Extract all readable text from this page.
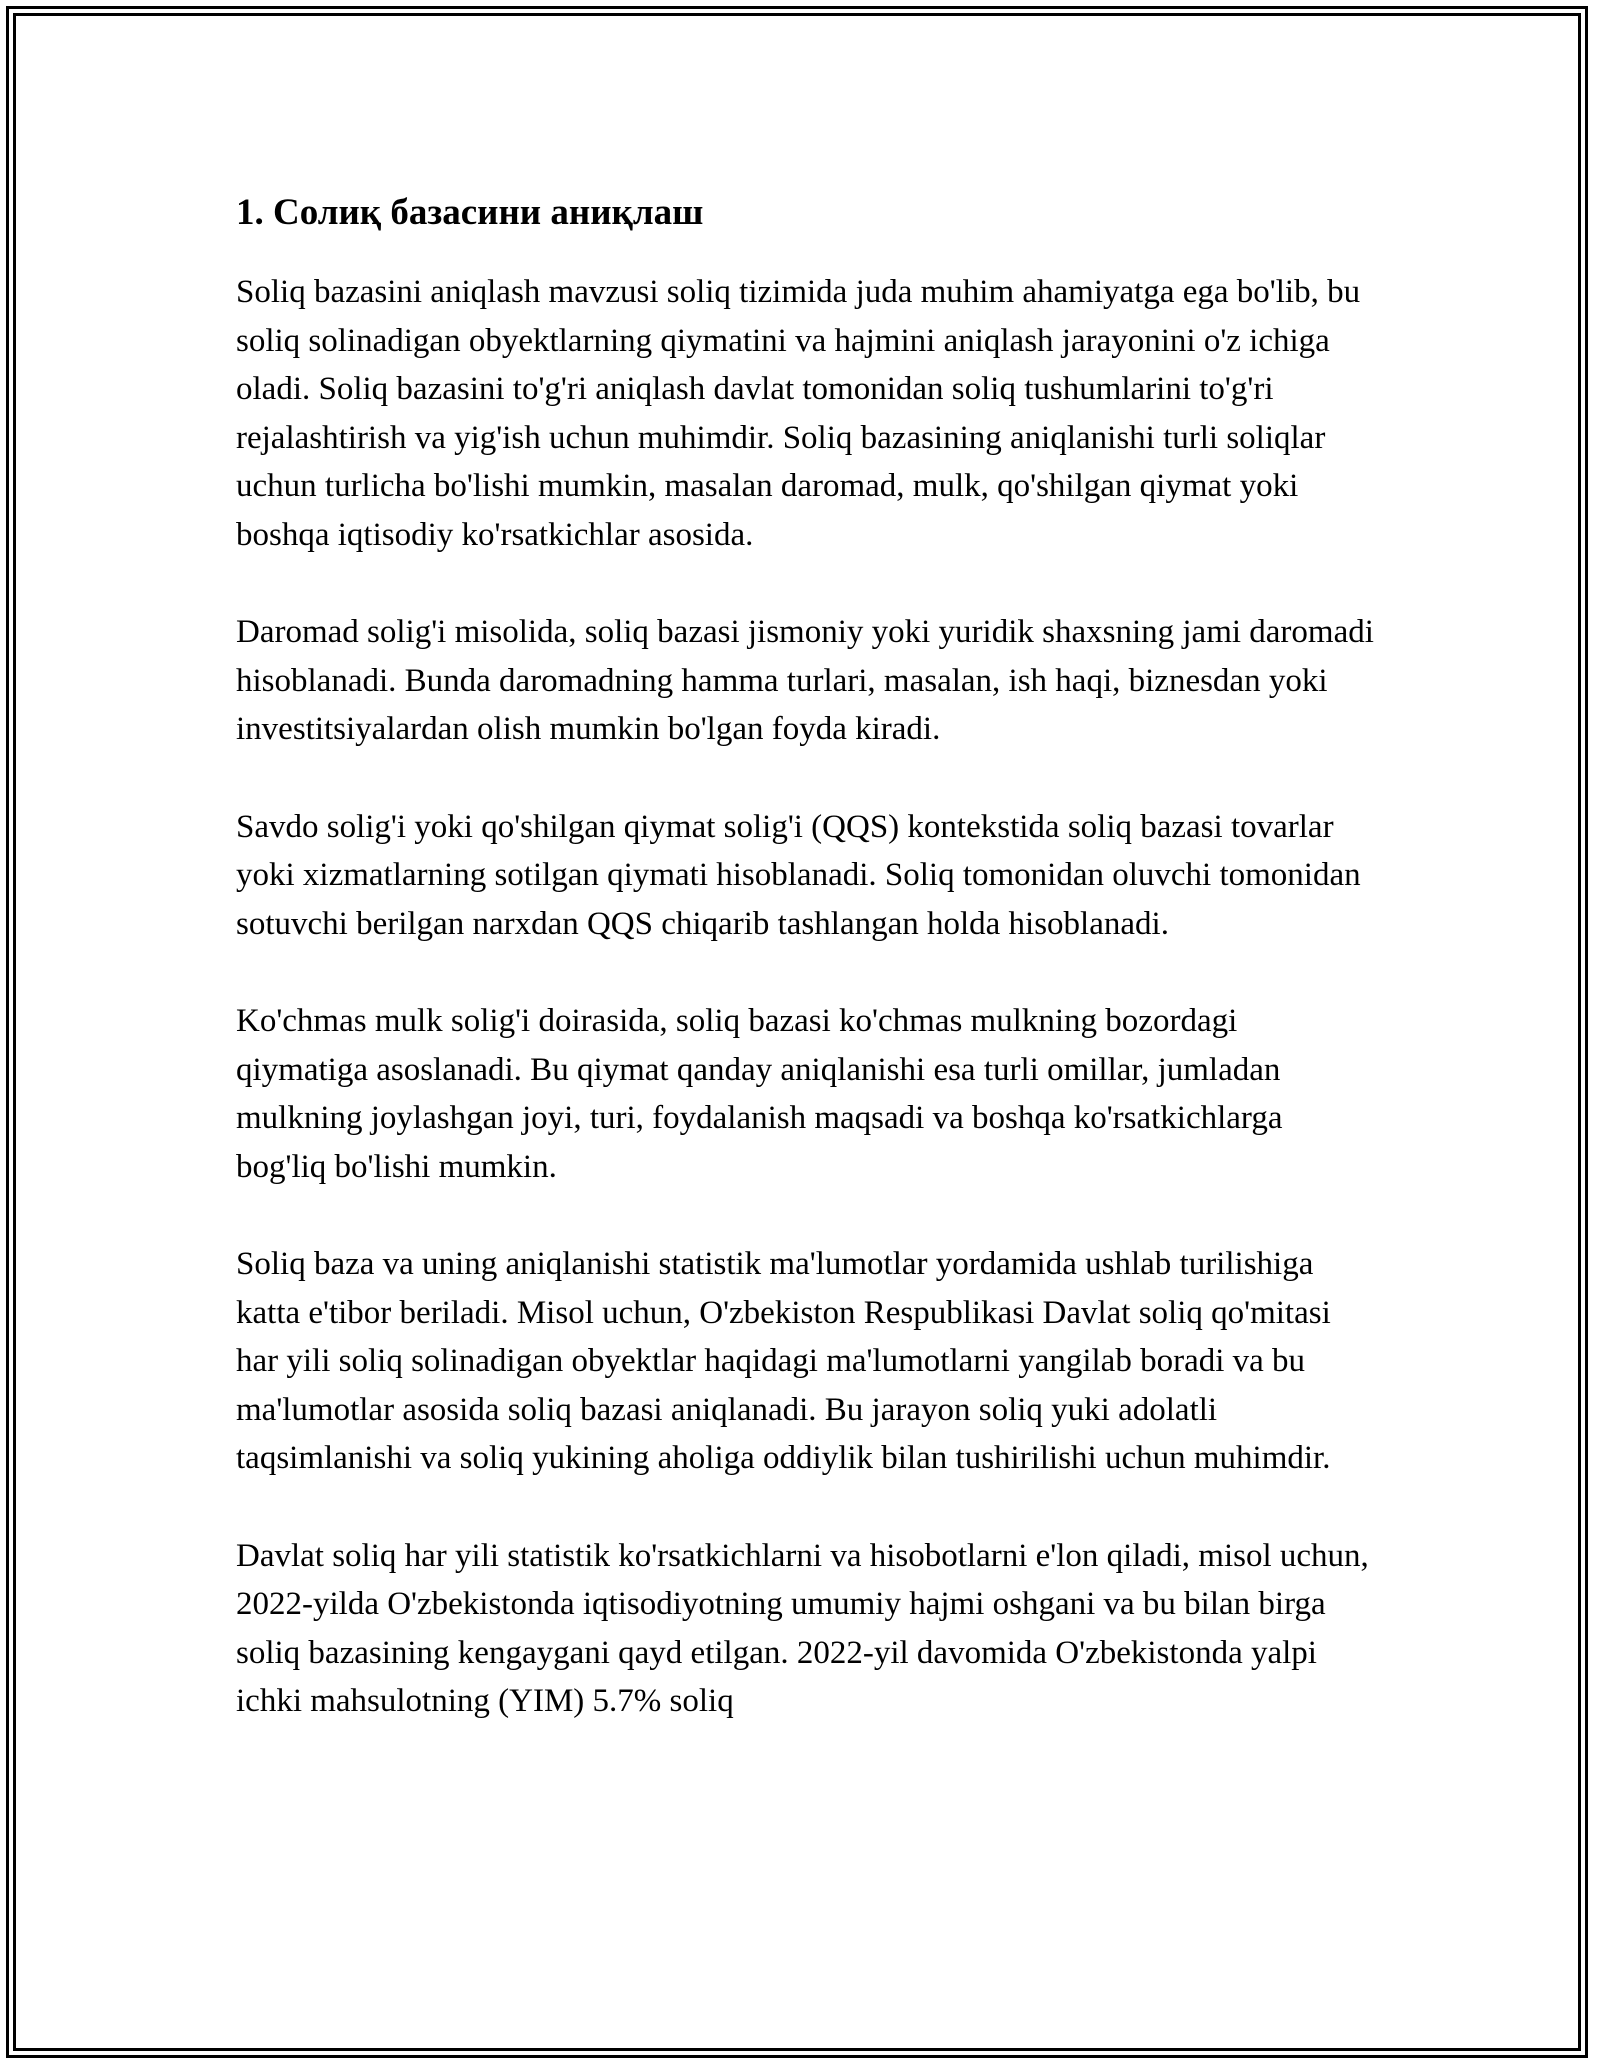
1. Солиқ базасини аниқлаш

Soliq bazasini aniqlash mavzusi soliq tizimida juda muhim ahamiyatga ega bo'lib, bu soliq solinadigan obyektlarning qiymatini va hajmini aniqlash jarayonini o'z ichiga oladi. Soliq bazasini to'g'ri aniqlash davlat tomonidan soliq tushumlarini to'g'ri rejalashtirish va yig'ish uchun muhimdir. Soliq bazasining aniqlanishi turli soliqlar uchun turlicha bo'lishi mumkin, masalan daromad, mulk, qo'shilgan qiymat yoki boshqa iqtisodiy ko'rsatkichlar asosida.

Daromad solig'i misolida, soliq bazasi jismoniy yoki yuridik shaxsning jami daromadi hisoblanadi. Bunda daromadning hamma turlari, masalan, ish haqi, biznesdan yoki investitsiyalardan olish mumkin bo'lgan foyda kiradi.

Savdo solig'i yoki qo'shilgan qiymat solig'i (QQS) kontekstida soliq bazasi tovarlar yoki xizmatlarning sotilgan qiymati hisoblanadi. Soliq tomonidan oluvchi tomonidan sotuvchi berilgan narxdan QQS chiqarib tashlangan holda hisoblanadi.

Ko'chmas mulk solig'i doirasida, soliq bazasi ko'chmas mulkning bozordagi qiymatiga asoslanadi. Bu qiymat qanday aniqlanishi esa turli omillar, jumladan mulkning joylashgan joyi, turi, foydalanish maqsadi va boshqa ko'rsatkichlarga bog'liq bo'lishi mumkin.

Soliq baza va uning aniqlanishi statistik ma'lumotlar yordamida ushlab turilishiga katta e'tibor beriladi. Misol uchun, O'zbekiston Respublikasi Davlat soliq qo'mitasi har yili soliq solinadigan obyektlar haqidagi ma'lumotlarni yangilab boradi va bu ma'lumotlar asosida soliq bazasi aniqlanadi. Bu jarayon soliq yuki adolatli taqsimlanishi va soliq yukining aholiga oddiylik bilan tushirilishi uchun muhimdir.

Davlat soliq har yili statistik ko'rsatkichlarni va hisobotlarni e'lon qiladi, misol uchun, 2022-yilda O'zbekistonda iqtisodiyotning umumiy hajmi oshgani va bu bilan birga soliq bazasining kengaygani qayd etilgan. 2022-yil davomida O'zbekistonda yalpi ichki mahsulotning (YIM) 5.7% soliq
